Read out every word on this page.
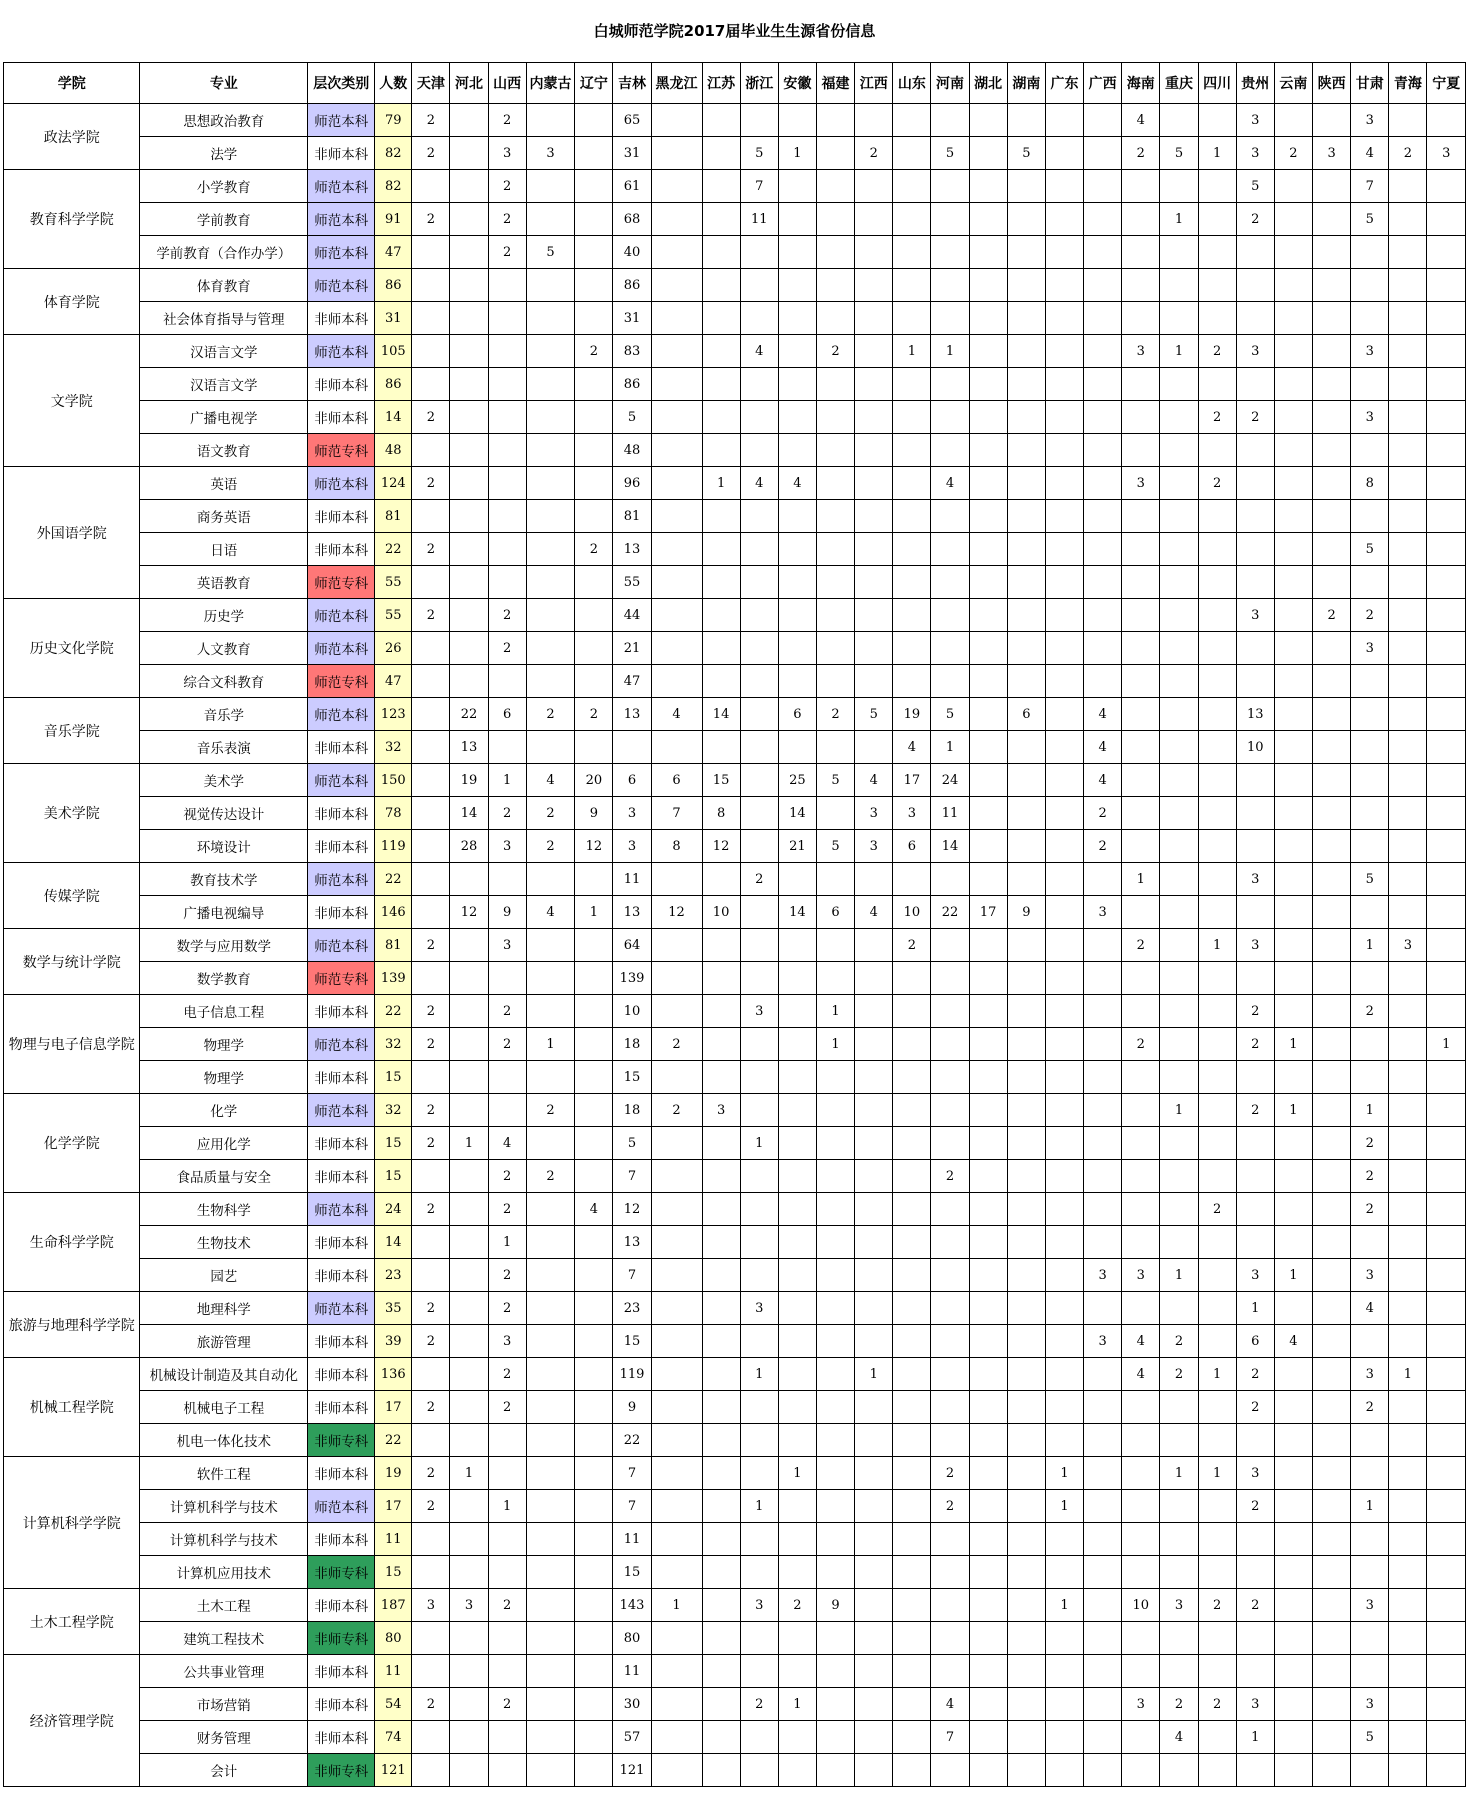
白城师范学院2017届毕业生生源省份信息
学院	专业	层次类别	人数	天津	河北	山西	内蒙古	辽宁	吉林	黑龙江	江苏	浙江	安徽	福建	江西	山东	河南	湖北	湖南	广东	广西	海南	重庆	四川	贵州	云南	陕西	甘肃	青海	宁夏
政法学院	思想政治教育	师范本科	79	2		2			65													4			3			3		
	法学	非师本科	82	2		3	3		31			5	1		2		5		5			2	5	1	3	2	3	4	2	3
教育科学学院	小学教育	师范本科	82			2			61			7													5			7		
	学前教育	师范本科	91	2		2			68			11											1		2			5		
	学前教育（合作办学）	师范本科	47			2	5		40																					
体育学院	体育教育	师范本科	86						86																					
	社会体育指导与管理	非师本科	31						31																					
文学院	汉语言文学	师范本科	105					2	83			4		2		1	1					3	1	2	3			3		
	汉语言文学	非师本科	86						86																					
	广播电视学	非师本科	14	2					5															2	2			3		
	语文教育	师范专科	48						48																					
外国语学院	英语	师范本科	124	2					96		1	4	4				4					3		2				8		
	商务英语	非师本科	81						81																					
	日语	非师本科	22	2				2	13																			5		
	英语教育	师范专科	55						55																					
历史文化学院	历史学	师范本科	55	2		2			44																3		2	2		
	人文教育	师范本科	26			2			21																			3		
	综合文科教育	师范专科	47						47																					
音乐学院	音乐学	师范本科	123		22	6	2	2	13	4	14		6	2	5	19	5		6		4				13					
	音乐表演	非师本科	32		13											4	1				4				10					
美术学院	美术学	师范本科	150		19	1	4	20	6	6	15		25	5	4	17	24				4									
	视觉传达设计	非师本科	78		14	2	2	9	3	7	8		14		3	3	11				2									
	环境设计	非师本科	119		28	3	2	12	3	8	12		21	5	3	6	14				2									
传媒学院	教育技术学	师范本科	22						11			2										1			3			5		
	广播电视编导	非师本科	146		12	9	4	1	13	12	10		14	6	4	10	22	17	9		3									
数学与统计学院	数学与应用数学	师范本科	81	2		3			64							2						2		1	3			1	3	
	数学教育	师范专科	139						139																					
物理与电子信息学院	电子信息工程	非师本科	22	2		2			10			3		1											2			2		
	物理学	师范本科	32	2		2	1		18	2				1								2			2	1				1
	物理学	非师本科	15						15																					
化学学院	化学	师范本科	32	2			2		18	2	3												1		2	1		1		
	应用化学	非师本科	15	2	1	4			5			1																2		
	食品质量与安全	非师本科	15			2	2		7								2											2		
生命科学学院	生物科学	师范本科	24	2		2		4	12															2				2		
	生物技术	非师本科	14			1			13																					
	园艺	非师本科	23			2			7												3	3	1		3	1		3		
旅游与地理科学学院	地理科学	师范本科	35	2		2			23			3													1			4		
	旅游管理	非师本科	39	2		3			15												3	4	2		6	4				
机械工程学院	机械设计制造及其自动化	非师本科	136			2			119			1			1							4	2	1	2			3	1	
	机械电子工程	非师本科	17	2		2			9																2			2		
	机电一体化技术	非师专科	22						22																					
计算机科学学院	软件工程	非师本科	19	2	1				7				1				2			1			1	1	3					
	计算机科学与技术	师范本科	17	2		1			7			1					2			1					2			1		
	计算机科学与技术	非师本科	11						11																					
	计算机应用技术	非师专科	15						15																					
土木工程学院	土木工程	非师本科	187	3	3	2			143	1		3	2	9						1		10	3	2	2			3		
	建筑工程技术	非师专科	80						80																					
经济管理学院	公共事业管理	非师本科	11						11																					
	市场营销	非师本科	54	2		2			30			2	1				4					3	2	2	3			3		
	财务管理	非师本科	74						57								7						4		1			5		
	会计	非师专科	121						121																					
